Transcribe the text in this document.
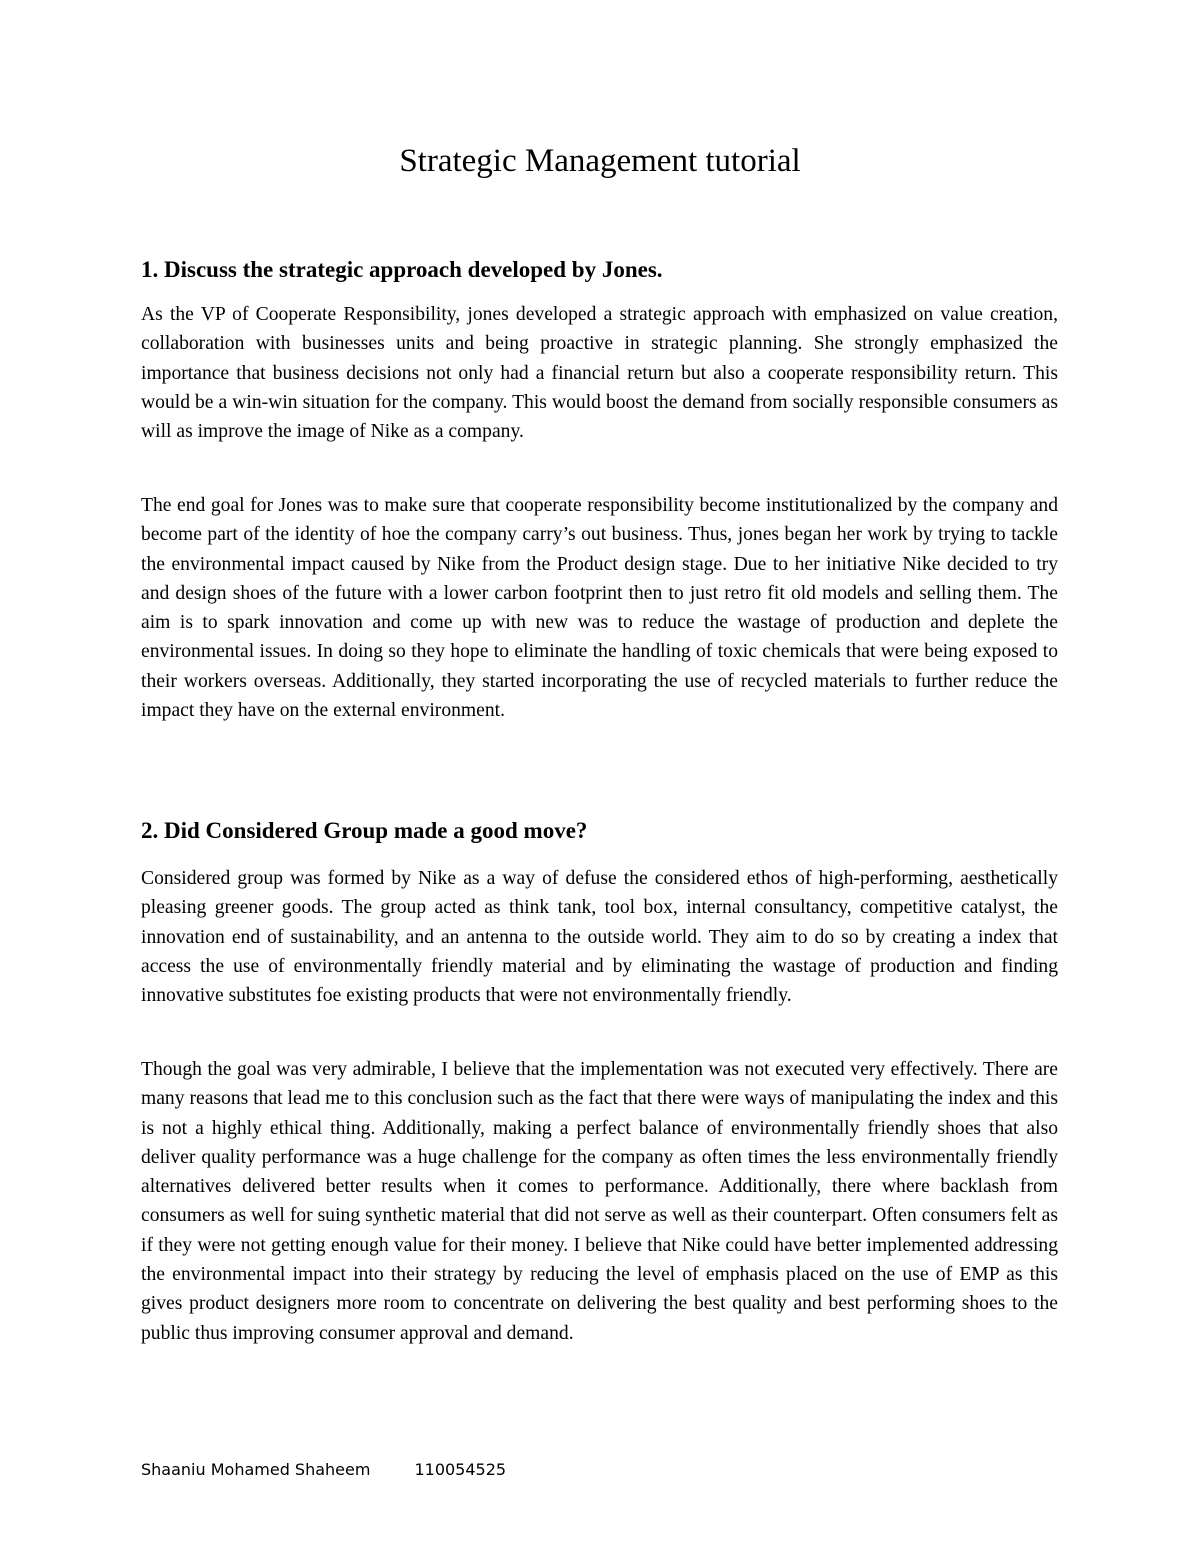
Strategic Management tutorial
1. Discuss the strategic approach developed by Jones.

As the VP of Cooperate Responsibility, jones developed a strategic approach with emphasized on value creation, collaboration with businesses units and being proactive in strategic planning. She strongly emphasized the importance that business decisions not only had a financial return but also a cooperate responsibility return. This would be a win-win situation for the company. This would boost the demand from socially responsible consumers as will as improve the image of Nike as a company.

The end goal for Jones was to make sure that cooperate responsibility become institutionalized by the company and become part of the identity of hoe the company carry’s out business. Thus, jones began her work by trying to tackle the environmental impact caused by Nike from the Product design stage. Due to her initiative Nike decided to try and design shoes of the future with a lower carbon footprint then to just retro fit old models and selling them. The aim is to spark innovation and come up with new was to reduce the wastage of production and deplete the environmental issues. In doing so they hope to eliminate the handling of toxic chemicals that were being exposed to their workers overseas. Additionally, they started incorporating the use of recycled materials to further reduce the impact they have on the external environment.

2. Did Considered Group made a good move?

Considered group was formed by Nike as a way of defuse the considered ethos of high-performing, aesthetically pleasing greener goods. The group acted as think tank, tool box, internal consultancy, competitive catalyst, the innovation end of sustainability, and an antenna to the outside world. They aim to do so by creating a index that access the use of environmentally friendly material and by eliminating the wastage of production and finding innovative substitutes foe existing products that were not environmentally friendly.

Though the goal was very admirable, I believe that the implementation was not executed very effectively. There are many reasons that lead me to this conclusion such as the fact that there were ways of manipulating the index and this is not a highly ethical thing. Additionally, making a perfect balance of environmentally friendly shoes that also deliver quality performance was a huge challenge for the company as often times the less environmentally friendly alternatives delivered better results when it comes to performance. Additionally, there where backlash from consumers as well for suing synthetic material that did not serve as well as their counterpart. Often consumers felt as if they were not getting enough value for their money. I believe that Nike could have better implemented addressing the environmental impact into their strategy by reducing the level of emphasis placed on the use of EMP as this gives product designers more room to concentrate on delivering the best quality and best performing shoes to the public thus improving consumer approval and demand.

Shaaniu Mohamed Shaheem	110054525
